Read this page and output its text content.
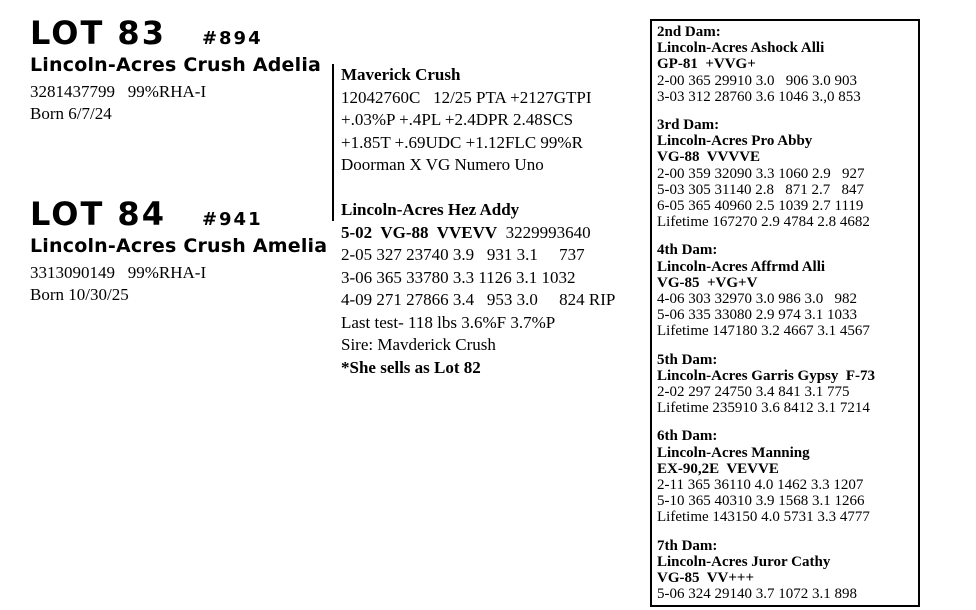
LOT 83 #894
Lincoln-Acres Crush Adelia
3281437799   99%RHA-I
Born 6/7/24
LOT 84 #941
Lincoln-Acres Crush Amelia
3313090149   99%RHA-I
Born 10/30/25
Maverick Crush
12042760C   12/25 PTA +2127GTPI
+.03%P +.4PL +2.4DPR 2.48SCS
+1.85T +.69UDC +1.12FLC 99%R
Doorman X VG Numero Uno
Lincoln-Acres Hez Addy
5-02  VG-88  VVEVV  3229993640
2-05 327 23740 3.9   931 3.1     737
3-06 365 33780 3.3 1126 3.1 1032
4-09 271 27866 3.4   953 3.0     824 RIP
Last test- 118 lbs 3.6%F 3.7%P
Sire: Mavderick Crush
*She sells as Lot 82
2nd Dam:
Lincoln-Acres Ashock Alli
GP-81  +VVG+
2-00 365 29910 3.0   906 3.0 903
3-03 312 28760 3.6 1046 3.,0 853
3rd Dam:
Lincoln-Acres Pro Abby
VG-88  VVVVE
2-00 359 32090 3.3 1060 2.9   927
5-03 305 31140 2.8   871 2.7   847
6-05 365 40960 2.5 1039 2.7 1119
Lifetime 167270 2.9 4784 2.8 4682
4th Dam:
Lincoln-Acres Affrmd Alli
VG-85  +VG+V
4-06 303 32970 3.0 986 3.0   982
5-06 335 33080 2.9 974 3.1 1033
Lifetime 147180 3.2 4667 3.1 4567
5th Dam:
Lincoln-Acres Garris Gypsy  F-73
2-02 297 24750 3.4 841 3.1 775
Lifetime 235910 3.6 8412 3.1 7214
6th Dam:
Lincoln-Acres Manning
EX-90,2E  VEVVE
2-11 365 36110 4.0 1462 3.3 1207
5-10 365 40310 3.9 1568 3.1 1266
Lifetime 143150 4.0 5731 3.3 4777
7th Dam:
Lincoln-Acres Juror Cathy
VG-85  VV+++
5-06 324 29140 3.7 1072 3.1 898
